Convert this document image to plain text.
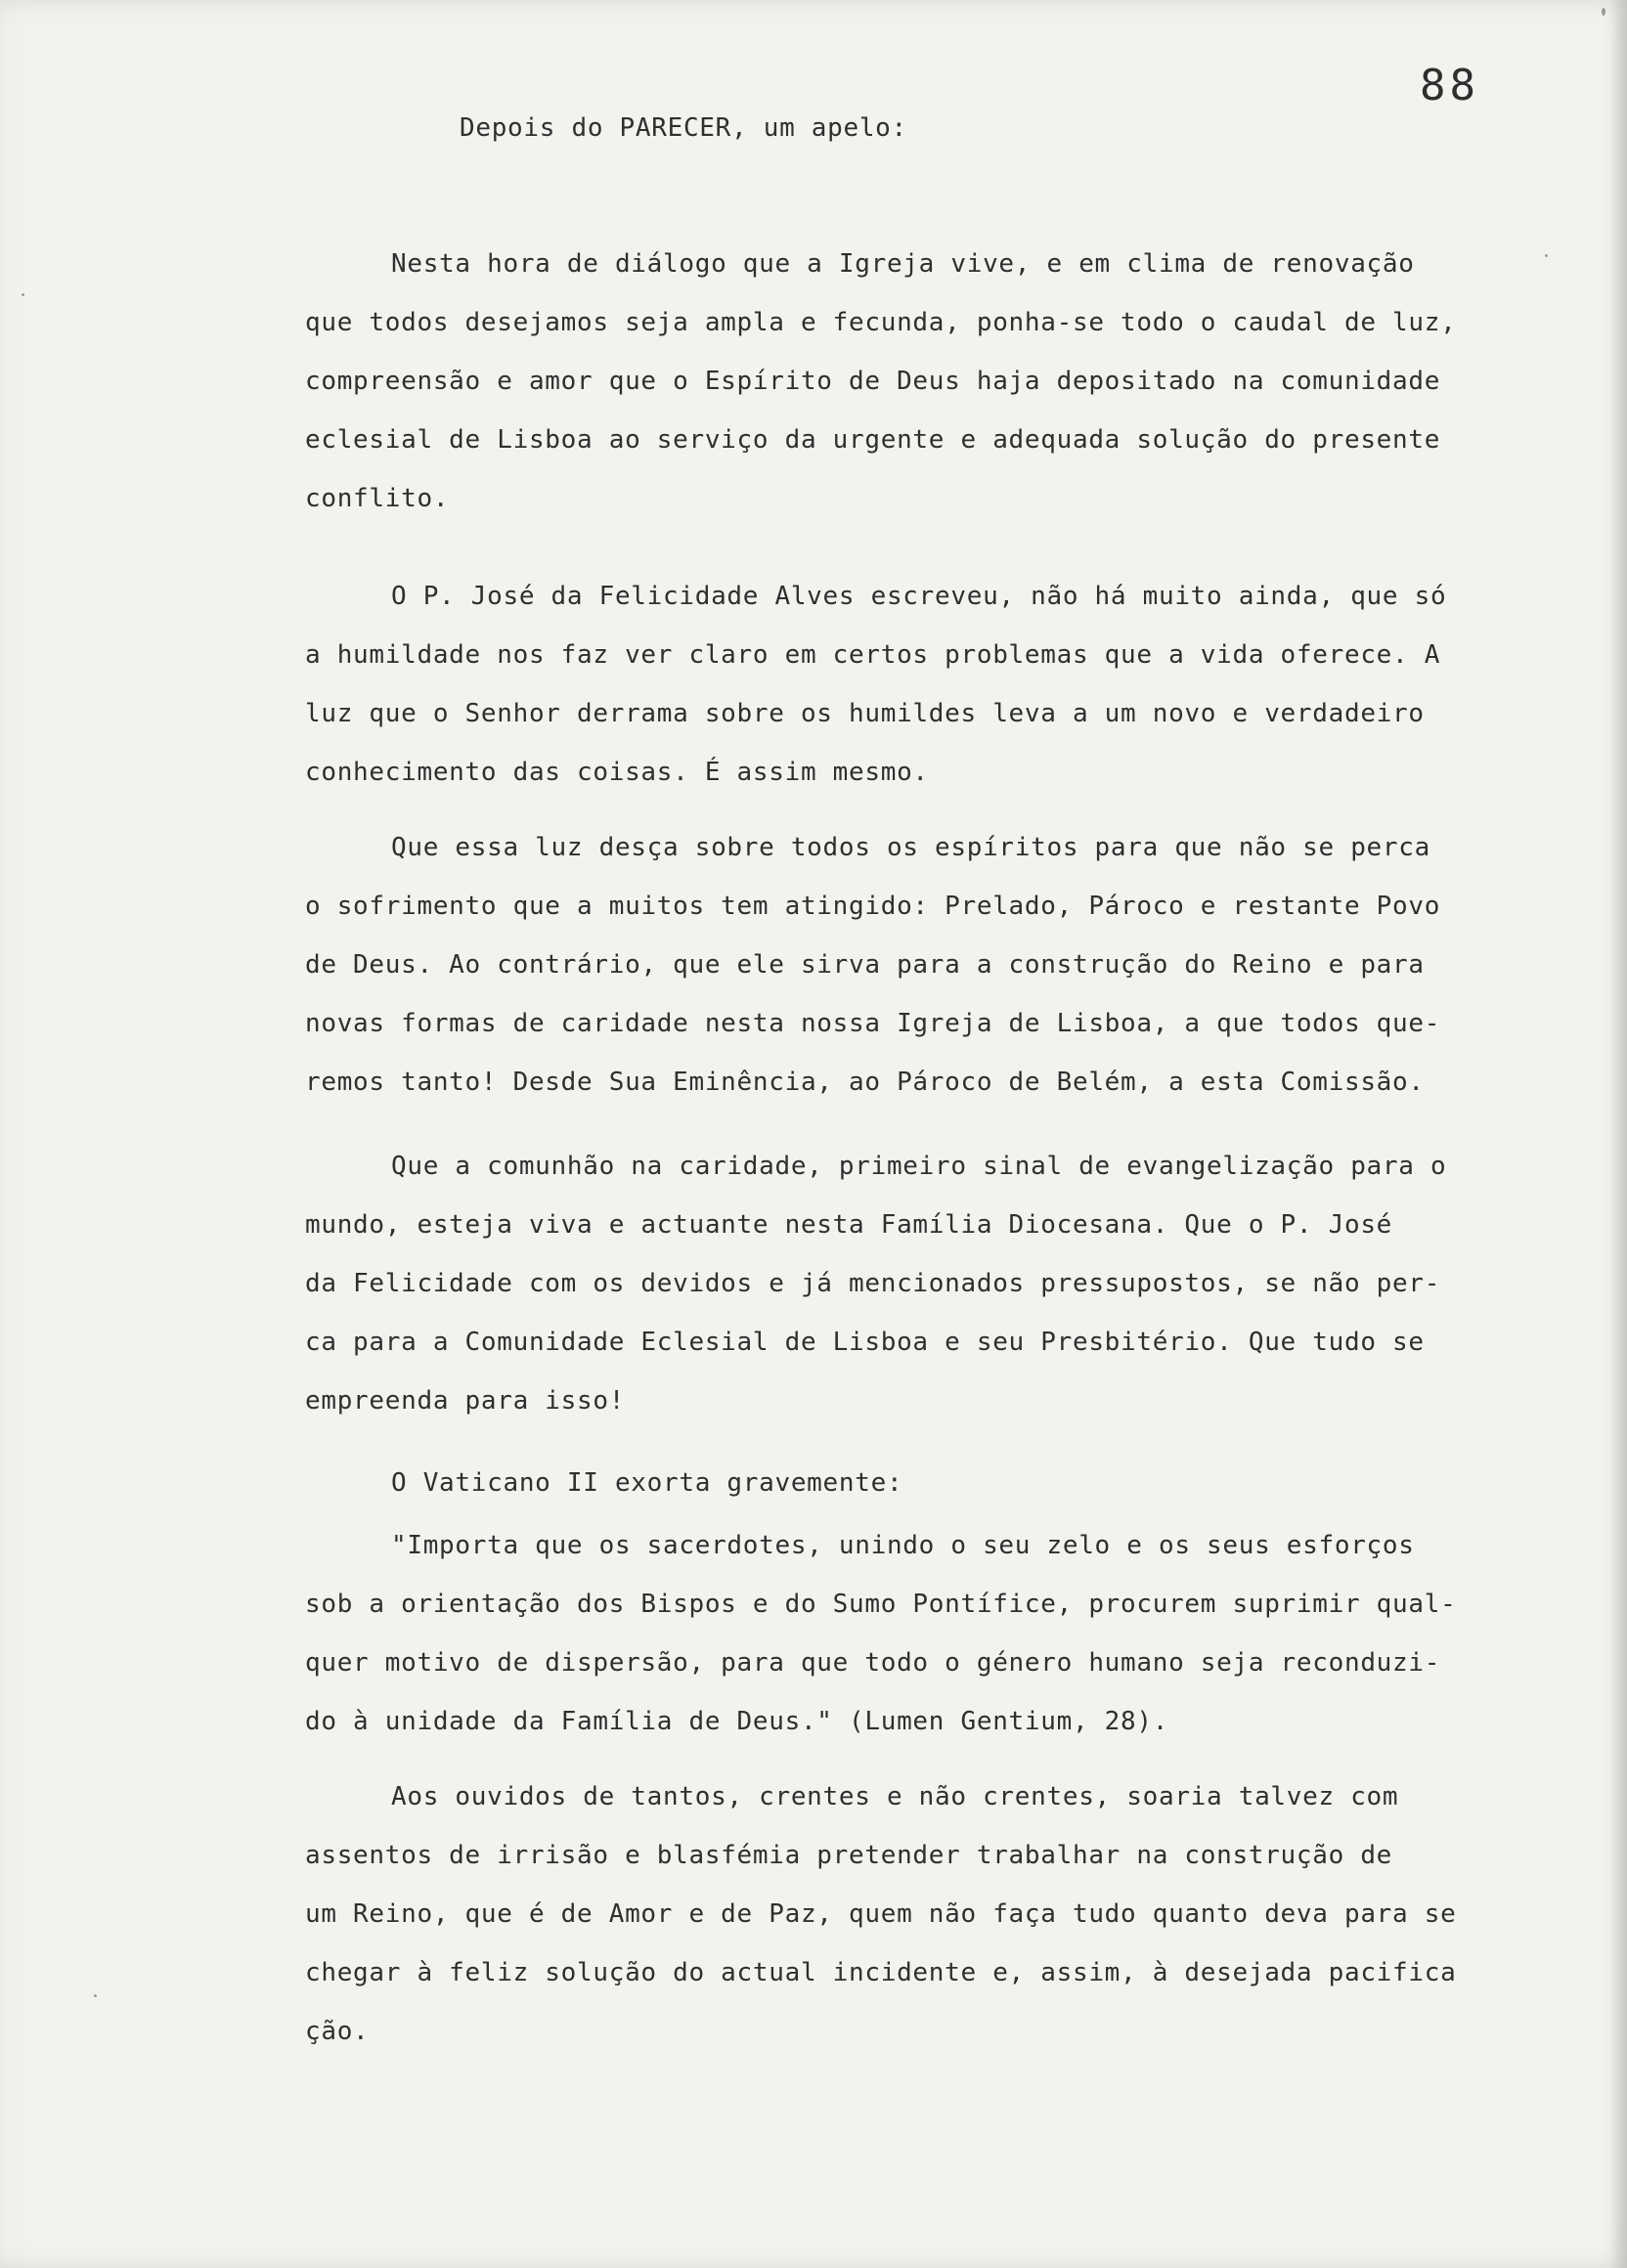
88
Depois do PARECER, um apelo:
Nesta hora de diálogo que a Igreja vive, e em clima de renovação
que todos desejamos seja ampla e fecunda, ponha-se todo o caudal de luz,
compreensão e amor que o Espírito de Deus haja depositado na comunidade
eclesial de Lisboa ao serviço da urgente e adequada solução do presente
conflito.
O P. José da Felicidade Alves escreveu, não há muito ainda, que só
a humildade nos faz ver claro em certos problemas que a vida oferece. A
luz que o Senhor derrama sobre os humildes leva a um novo e verdadeiro
conhecimento das coisas. É assim mesmo.
Que essa luz desça sobre todos os espíritos para que não se perca
o sofrimento que a muitos tem atingido: Prelado, Pároco e restante Povo
de Deus. Ao contrário, que ele sirva para a construção do Reino e para
novas formas de caridade nesta nossa Igreja de Lisboa, a que todos que-
remos tanto! Desde Sua Eminência, ao Pároco de Belém, a esta Comissão.
Que a comunhão na caridade, primeiro sinal de evangelização para o
mundo, esteja viva e actuante nesta Família Diocesana. Que o P. José
da Felicidade com os devidos e já mencionados pressupostos, se não per-
ca para a Comunidade Eclesial de Lisboa e seu Presbitério. Que tudo se
empreenda para isso!
O Vaticano II exorta gravemente:
"Importa que os sacerdotes, unindo o seu zelo e os seus esforços
sob a orientação dos Bispos e do Sumo Pontífice, procurem suprimir qual-
quer motivo de dispersão, para que todo o género humano seja reconduzi-
do à unidade da Família de Deus." (Lumen Gentium, 28).
Aos ouvidos de tantos, crentes e não crentes, soaria talvez com
assentos de irrisão e blasfémia pretender trabalhar na construção de
um Reino, que é de Amor e de Paz, quem não faça tudo quanto deva para se
chegar à feliz solução do actual incidente e, assim, à desejada pacifica
ção.
